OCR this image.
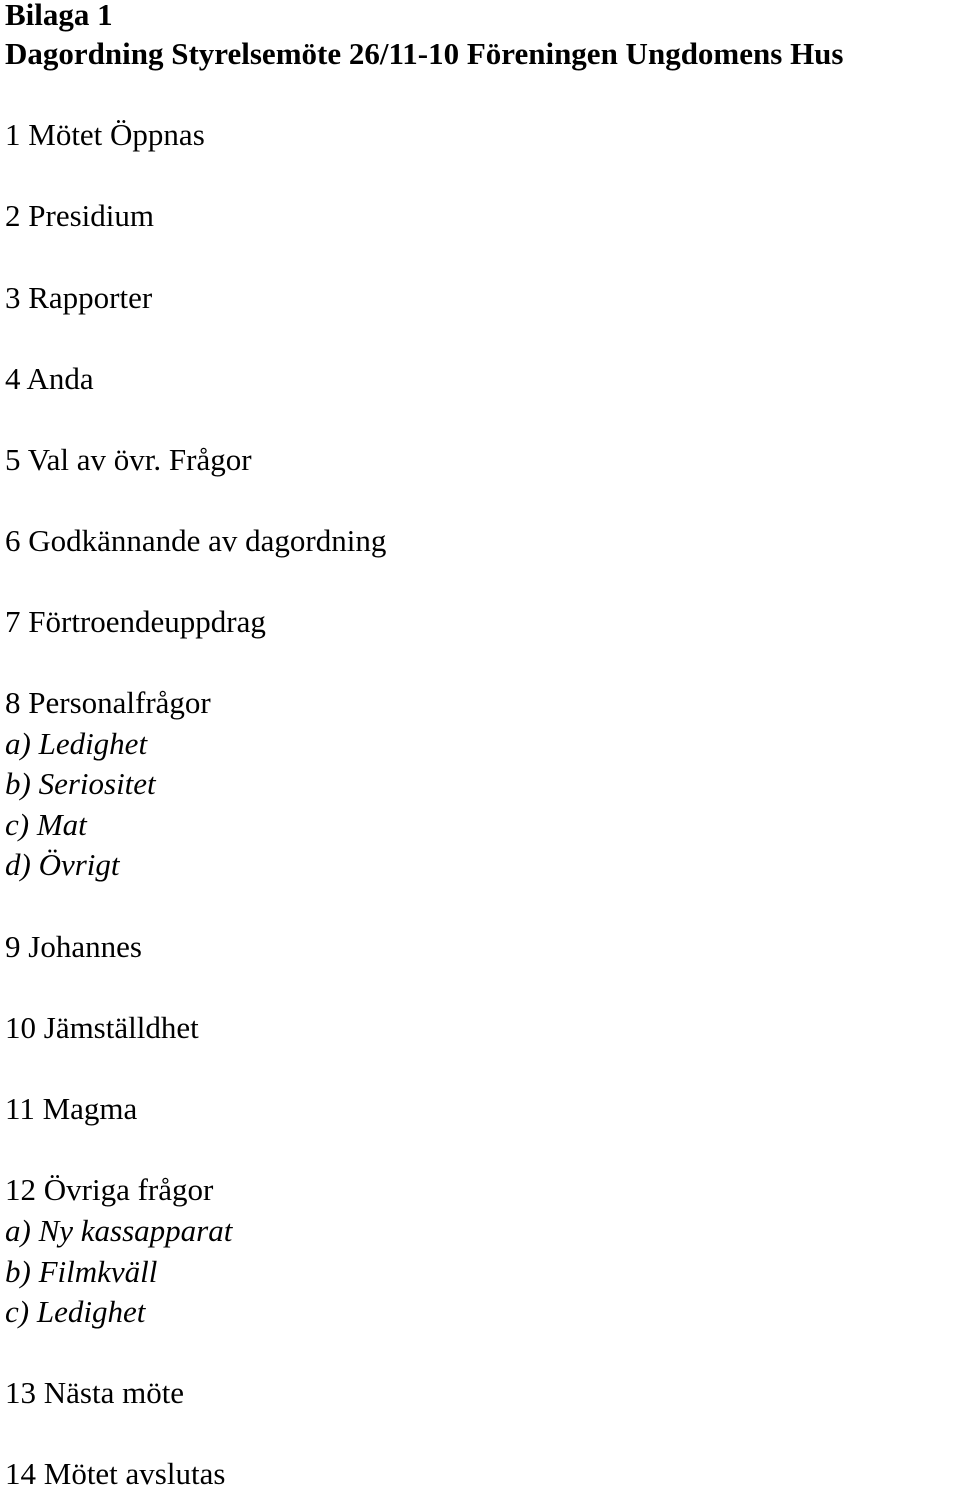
Bilaga 1
Dagordning Styrelsemöte 26/11-10 Föreningen Ungdomens Hus
1 Mötet Öppnas
2 Presidium
3 Rapporter
4 Anda
5 Val av övr. Frågor
6 Godkännande av dagordning
7 Förtroendeuppdrag
8 Personalfrågor
a) Ledighet
b) Seriositet
c) Mat
d) Övrigt
9 Johannes
10 Jämställdhet
11 Magma
12 Övriga frågor
a) Ny kassapparat
b) Filmkväll
c) Ledighet
13 Nästa möte
14 Mötet avslutas
